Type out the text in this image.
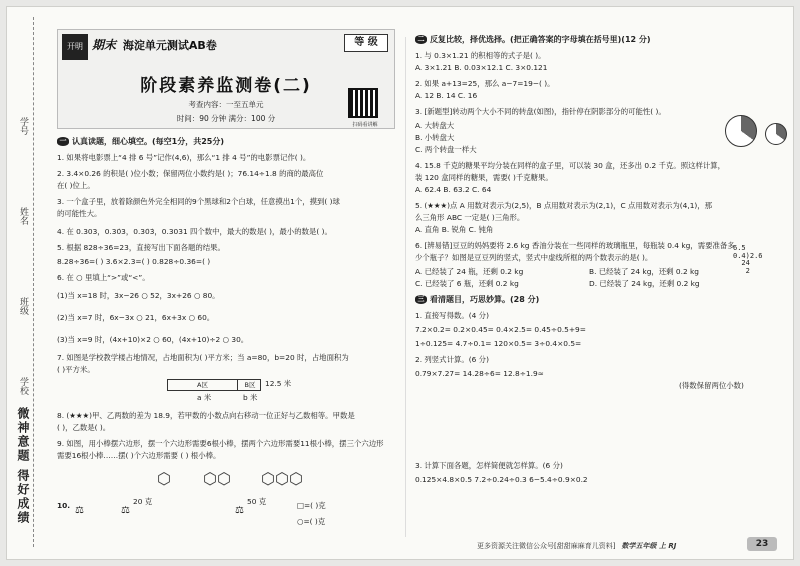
学号
姓名
班级
学校
微神意题 得好成绩
开明 期末 海淀单元测试AB卷	等 级
阶段素养监测卷(二)
考查内容：一至五单元
时间：90 分钟 满分：100 分
扫码看讲解
一 认真读题，细心填空。(每空1分，共25分)
1. 如果将电影票上“4 排 6 号”记作(4,6)，那么“1 排 4 号”的电影票记作( )。
2. 3.4×0.26 的积是( )位小数；保留两位小数约是( )；76.14÷1.8 的商的最高位
在( )位上。
3. 一个盒子里，放着除颜色外完全相同的9个黑球和2个白球，任意摸出1个，摸到( )球
的可能性大。
4. 在 0.303，0.30̇3，0.30̇3̇，0.3031 四个数中，最大的数是( )，最小的数是( )。
5. 根据 828÷36=23，直接写出下面各题的结果。
8.28÷36=( ) 3.6×2.3=( ) 0.828÷0.36=( )
6. 在 ○ 里填上“>”或“<”。
(1)当 x=18 时，3x−26 ○ 52，3x+26 ○ 80。
(2)当 x=7 时，6x−3x ○ 21，6x+3x ○ 60。
(3)当 x=9 时，(4x+10)×2 ○ 60，(4x+10)÷2 ○ 30。
7. 如图是学校教学楼占地情况，占地面积为( )平方米；当 a=80，b=20 时，占地面积为
( )平方米。
A区	B区	12.5 米
a 米	b 米
8. (★★★)甲、乙两数的差为 18.9，若甲数的小数点向右移动一位正好与乙数相等。甲数是
( )，乙数是( )。
9. 如图，用小棒摆六边形，摆一个六边形需要6根小棒，摆两个六边形需要11根小棒，摆三个六边形
需要16根小棒……摆( )个六边形需要 ( ) 根小棒。
⬡ ⬡⬡ ⬡⬡⬡
10. ⚖
20 克
⚖	⚖
50 克	□=( )克
○=( )克
二 反复比较，择优选择。(把正确答案的字母填在括号里)(12 分)
1. 与 0.3×1.21 的积相等的式子是( )。
A. 3×1.21 B. 0.03×12.1 C. 3×0.121
2. 如果 a+13=25，那么 a−7=19−( )。
A. 12 B. 14 C. 16
3. [新题型]转动两个大小不同的转盘(如图)，指针停在阴影部分的可能性( )。
A. 大转盘大
B. 小转盘大
C. 两个转盘一样大
4. 15.8 千克的糖果平均分装在同样的盒子里，可以装 30 盒，还多出 0.2 千克。照这样计算，
装 120 盒同样的糖果，需要( )千克糖果。
A. 62.4 B. 63.2 C. 64
5. (★★★)点 A 用数对表示为(2,5)，B 点用数对表示为(2,1)，C 点用数对表示为(4,1)，那
么三角形 ABC 一定是( )三角形。
A. 直角 B. 锐角 C. 钝角
6. [辨易错]豆豆的妈妈要将 2.6 kg 香油分装在一些同样的玻璃瓶里，每瓶装 0.4 kg，需要准备多
少个瓶子？如图是豆豆列的竖式，竖式中虚线所框的两个数表示的是( )。
A. 已经装了 24 瓶，还剩 0.2 kg	B. 已经装了 24 kg，还剩 0.2 kg
C. 已经装了 6 瓶，还剩 0.2 kg	D. 已经装了 24 kg，还剩 0.2 kg
6.5
0.4)2.6
24
2
三 看清题目，巧思妙算。(28 分)
1. 直接写得数。(4 分)
7.2×0.2= 0.2×0.45= 0.4×2.5= 0.45÷0.5+9=
1÷0.125= 4.7÷0.1= 120×0.5= 3÷0.4×0.5=
2. 列竖式计算。(6 分)
0.79×7.27= 14.28÷6= 12.8÷1.9≈
(得数保留两位小数)
3. 计算下面各题，怎样简便就怎样算。(6 分)
0.125×4.8×0.5 7.2÷0.24÷0.3 6−5.4÷0.9×0.2
更多资源关注微信公众号[甜甜麻麻育儿资料] 数学五年级 上 RJ	23
